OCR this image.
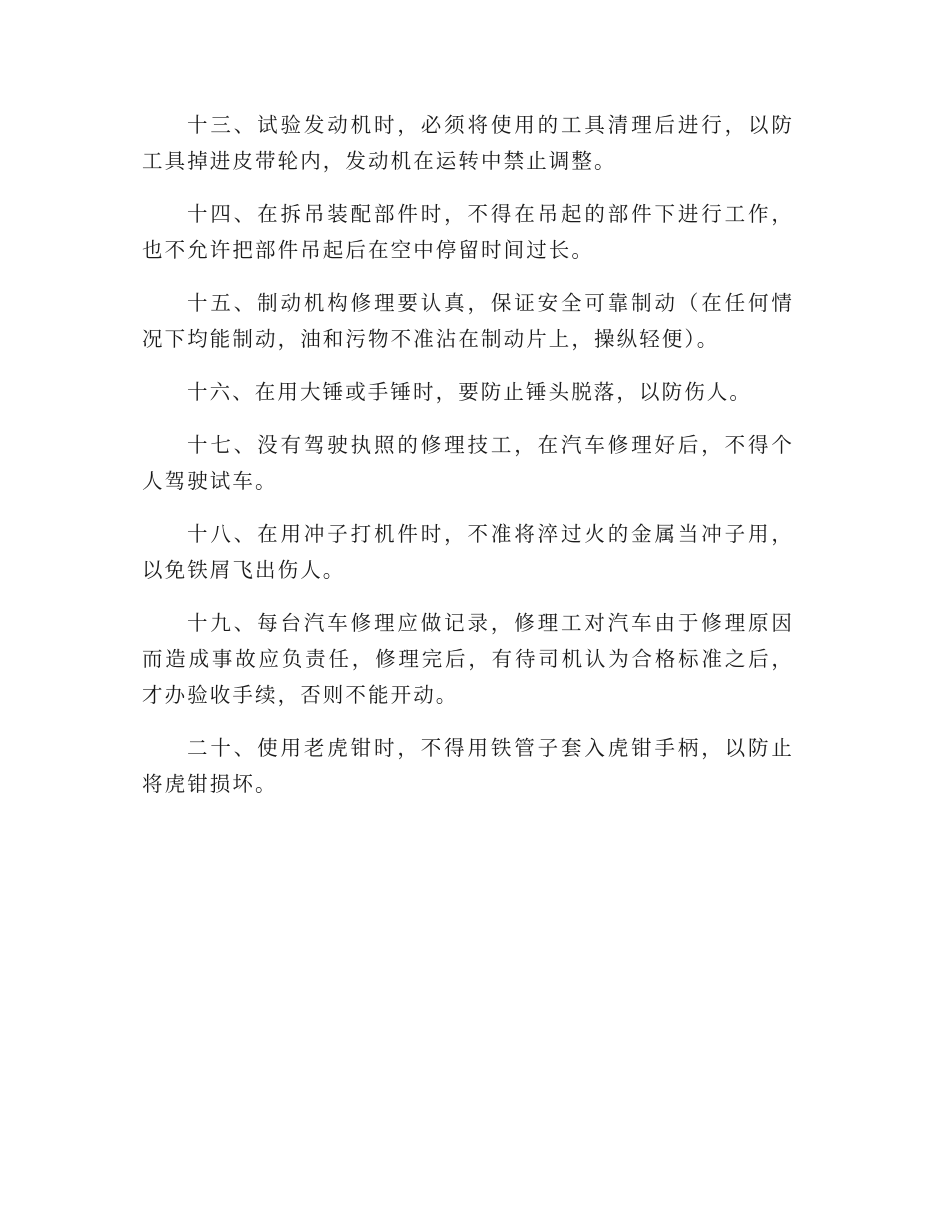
十三、试验发动机时，必须将使用的工具清理后进行，以防工具掉进皮带轮内，发动机在运转中禁止调整。

十四、在拆吊装配部件时，不得在吊起的部件下进行工作，也不允许把部件吊起后在空中停留时间过长。

十五、制动机构修理要认真，保证安全可靠制动（在任何情况下均能制动，油和污物不准沾在制动片上，操纵轻便）。

十六、在用大锤或手锤时，要防止锤头脱落，以防伤人。

十七、没有驾驶执照的修理技工，在汽车修理好后，不得个人驾驶试车。

十八、在用冲子打机件时，不准将淬过火的金属当冲子用，以免铁屑飞出伤人。

十九、每台汽车修理应做记录，修理工对汽车由于修理原因而造成事故应负责任，修理完后，有待司机认为合格标准之后，才办验收手续，否则不能开动。

二十、使用老虎钳时，不得用铁管子套入虎钳手柄，以防止将虎钳损坏。
